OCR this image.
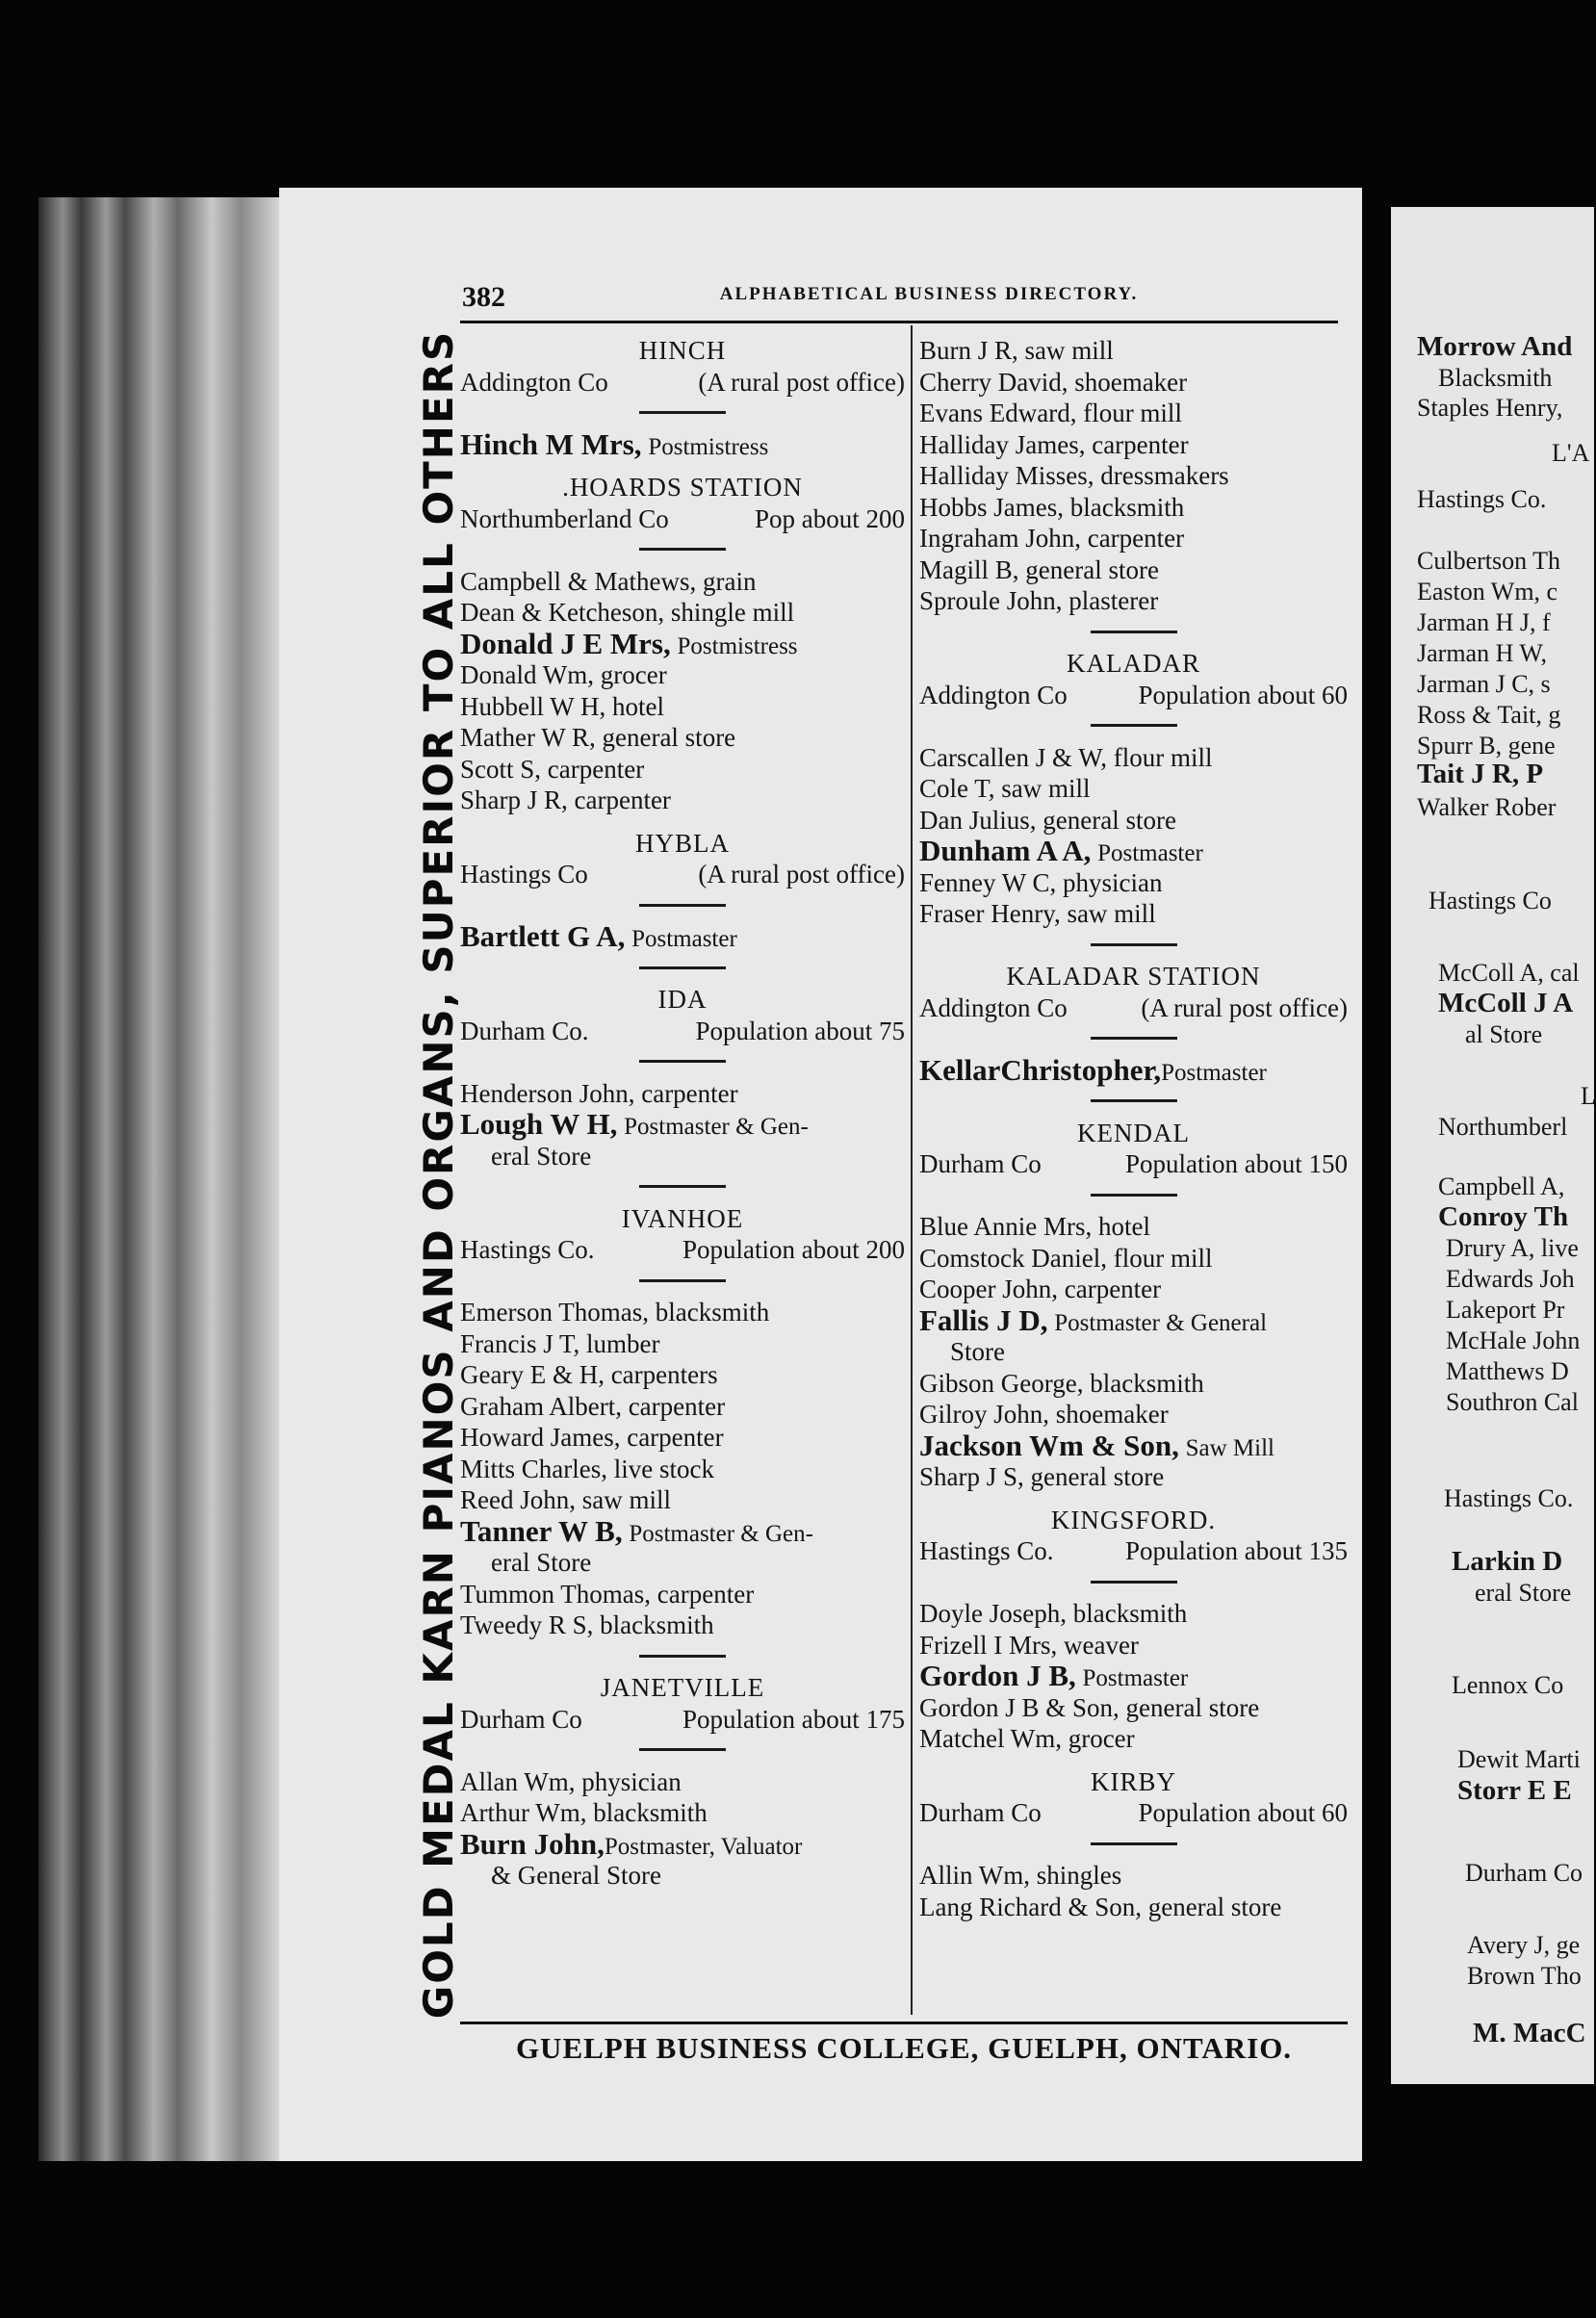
GOLD MEDAL KARN PIANOS AND ORGANS, SUPERIOR TO ALL OTHERS
382	ALPHABETICAL BUSINESS DIRECTORY.
HINCH
Addington Co	(A rural post office)
Hinch M Mrs, Postmistress
.HOARDS STATION
Northumberland Co	Pop about 200
Campbell & Mathews, grain
Dean & Ketcheson, shingle mill
Donald J E Mrs, Postmistress
Donald Wm, grocer
Hubbell W H, hotel
Mather W R, general store
Scott S, carpenter
Sharp J R, carpenter
HYBLA
Hastings Co	(A rural post office)
Bartlett G A, Postmaster
IDA
Durham Co.	Population about 75
Henderson John, carpenter
Lough W H, Postmaster & Gen-
eral Store
IVANHOE
Hastings Co.	Population about 200
Emerson Thomas, blacksmith
Francis J T, lumber
Geary E & H, carpenters
Graham Albert, carpenter
Howard James, carpenter
Mitts Charles, live stock
Reed John, saw mill
Tanner W B, Postmaster & Gen-
eral Store
Tummon Thomas, carpenter
Tweedy R S, blacksmith
JANETVILLE
Durham Co	Population about 175
Allan Wm, physician
Arthur Wm, blacksmith
Burn John,Postmaster, Valuator
& General Store
Burn J R, saw mill
Cherry David, shoemaker
Evans Edward, flour mill
Halliday James, carpenter
Halliday Misses, dressmakers
Hobbs James, blacksmith
Ingraham John, carpenter
Magill B, general store
Sproule John, plasterer
KALADAR
Addington Co	Population about 60
Carscallen J & W, flour mill
Cole T, saw mill
Dan Julius, general store
Dunham A A, Postmaster
Fenney W C, physician
Fraser Henry, saw mill
KALADAR STATION
Addington Co	(A rural post office)
KellarChristopher,Postmaster
KENDAL
Durham Co	Population about 150
Blue Annie Mrs, hotel
Comstock Daniel, flour mill
Cooper John, carpenter
Fallis J D, Postmaster & General
Store
Gibson George, blacksmith
Gilroy John, shoemaker
Jackson Wm & Son, Saw Mill
Sharp J S, general store
KINGSFORD.
Hastings Co.	Population about 135
Doyle Joseph, blacksmith
Frizell I Mrs, weaver
Gordon J B, Postmaster
Gordon J B & Son, general store
Matchel Wm, grocer
KIRBY
Durham Co	Population about 60
Allin Wm, shingles
Lang Richard & Son, general store
GUELPH BUSINESS COLLEGE, GUELPH, ONTARIO.
Morrow And
Blacksmith
Staples Henry,
L'A
Hastings Co.
Culbertson Th
Easton Wm, c
Jarman H J, f
Jarman H W,
Jarman J C, s
Ross & Tait, g
Spurr B, gene
Tait J R, P
Walker Rober
Hastings Co
McColl A, cal
McColl J A
al Store
L
Northumberl
Campbell A,
Conroy Th
Drury A, live
Edwards Joh
Lakeport Pr
McHale John
Matthews D
Southron Cal
Hastings Co.
Larkin D
eral Store
Lennox Co
Dewit Marti
Storr E E
Durham Co
Avery J, ge
Brown Tho
M. MacC
